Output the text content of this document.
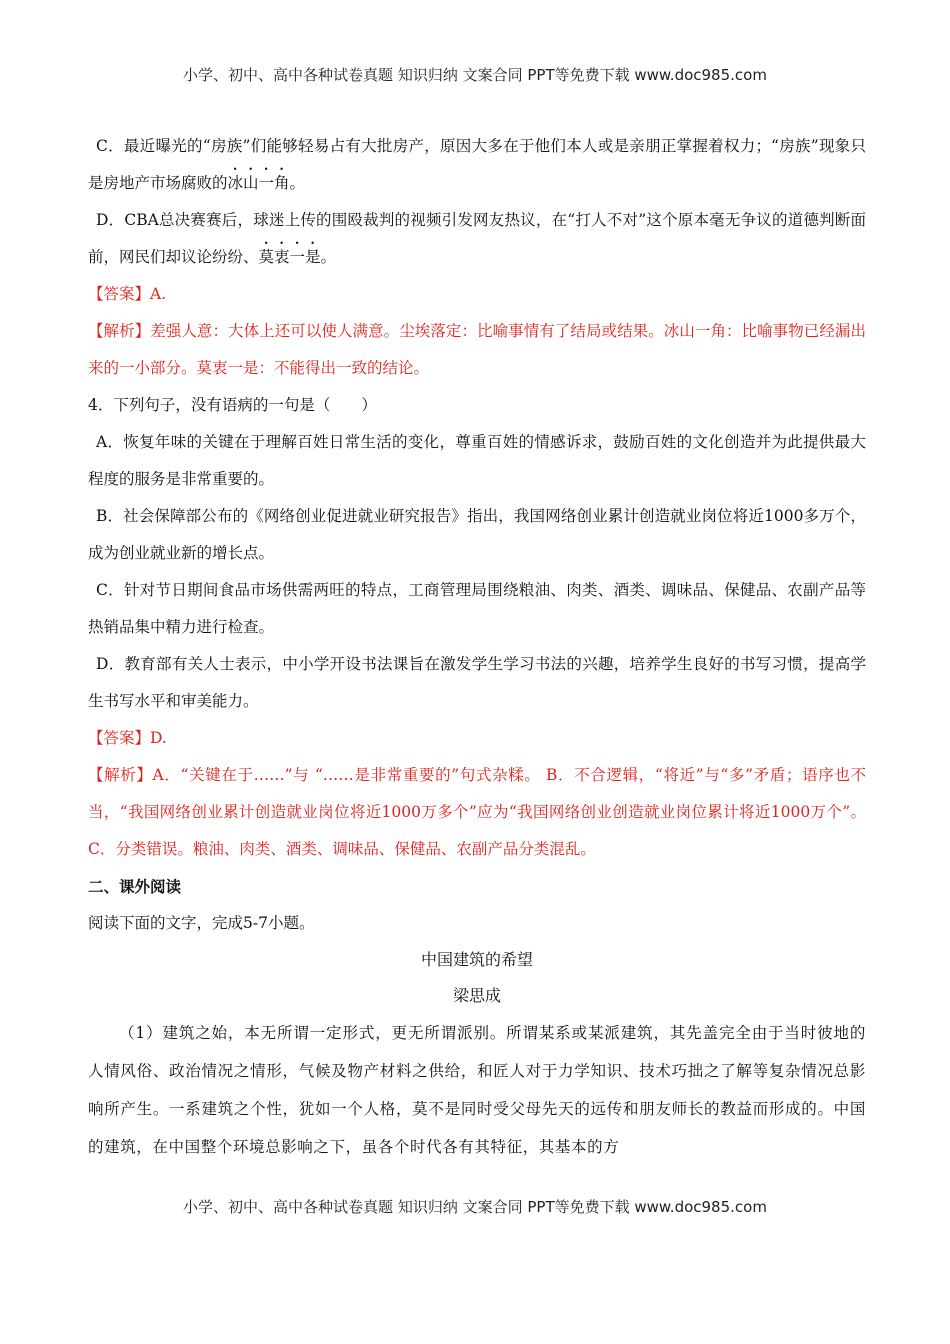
小学、初中、高中各种试卷真题 知识归纳 文案合同 PPT等免费下载 www.doc985.com

C．最近曝光的“房族”们能够轻易占有大批房产，原因大多在于他们本人或是亲朋正掌握着权力；“房族”现象只是房地产市场腐败的冰山一角。

D．CBA总决赛赛后，球迷上传的围殴裁判的视频引发网友热议，在“打人不对”这个原本毫无争议的道德判断面前，网民们却议论纷纷、莫衷一是。

【答案】A.

【解析】差强人意：大体上还可以使人满意。尘埃落定：比喻事情有了结局或结果。冰山一角：比喻事物已经漏出来的一小部分。莫衷一是：不能得出一致的结论。

4．下列句子，没有语病的一句是（　　）

A．恢复年味的关键在于理解百姓日常生活的变化，尊重百姓的情感诉求，鼓励百姓的文化创造并为此提供最大程度的服务是非常重要的。

B．社会保障部公布的《网络创业促进就业研究报告》指出，我国网络创业累计创造就业岗位将近1000多万个，成为创业就业新的增长点。

C．针对节日期间食品市场供需两旺的特点，工商管理局围绕粮油、肉类、酒类、调味品、保健品、农副产品等热销品集中精力进行检查。

D．教育部有关人士表示，中小学开设书法课旨在激发学生学习书法的兴趣，培养学生良好的书写习惯，提高学生书写水平和审美能力。

【答案】D.

【解析】A．“关键在于……”与 “……是非常重要的”句式杂糅。 B．不合逻辑，“将近”与“多”矛盾；语序也不当，“我国网络创业累计创造就业岗位将近1000万多个”应为“我国网络创业创造就业岗位累计将近1000万个”。C．分类错误。粮油、肉类、酒类、调味品、保健品、农副产品分类混乱。

二、课外阅读

阅读下面的文字，完成5-7小题。

中国建筑的希望

梁思成

（1）建筑之始，本无所谓一定形式，更无所谓派别。所谓某系或某派建筑，其先盖完全由于当时彼地的人情风俗、政治情况之情形，气候及物产材料之供给，和匠人对于力学知识、技术巧拙之了解等复杂情况总影响所产生。一系建筑之个性，犹如一个人格，莫不是同时受父母先天的远传和朋友师长的教益而形成的。中国的建筑，在中国整个环境总影响之下，虽各个时代各有其特征，其基本的方

小学、初中、高中各种试卷真题 知识归纳 文案合同 PPT等免费下载 www.doc985.com
